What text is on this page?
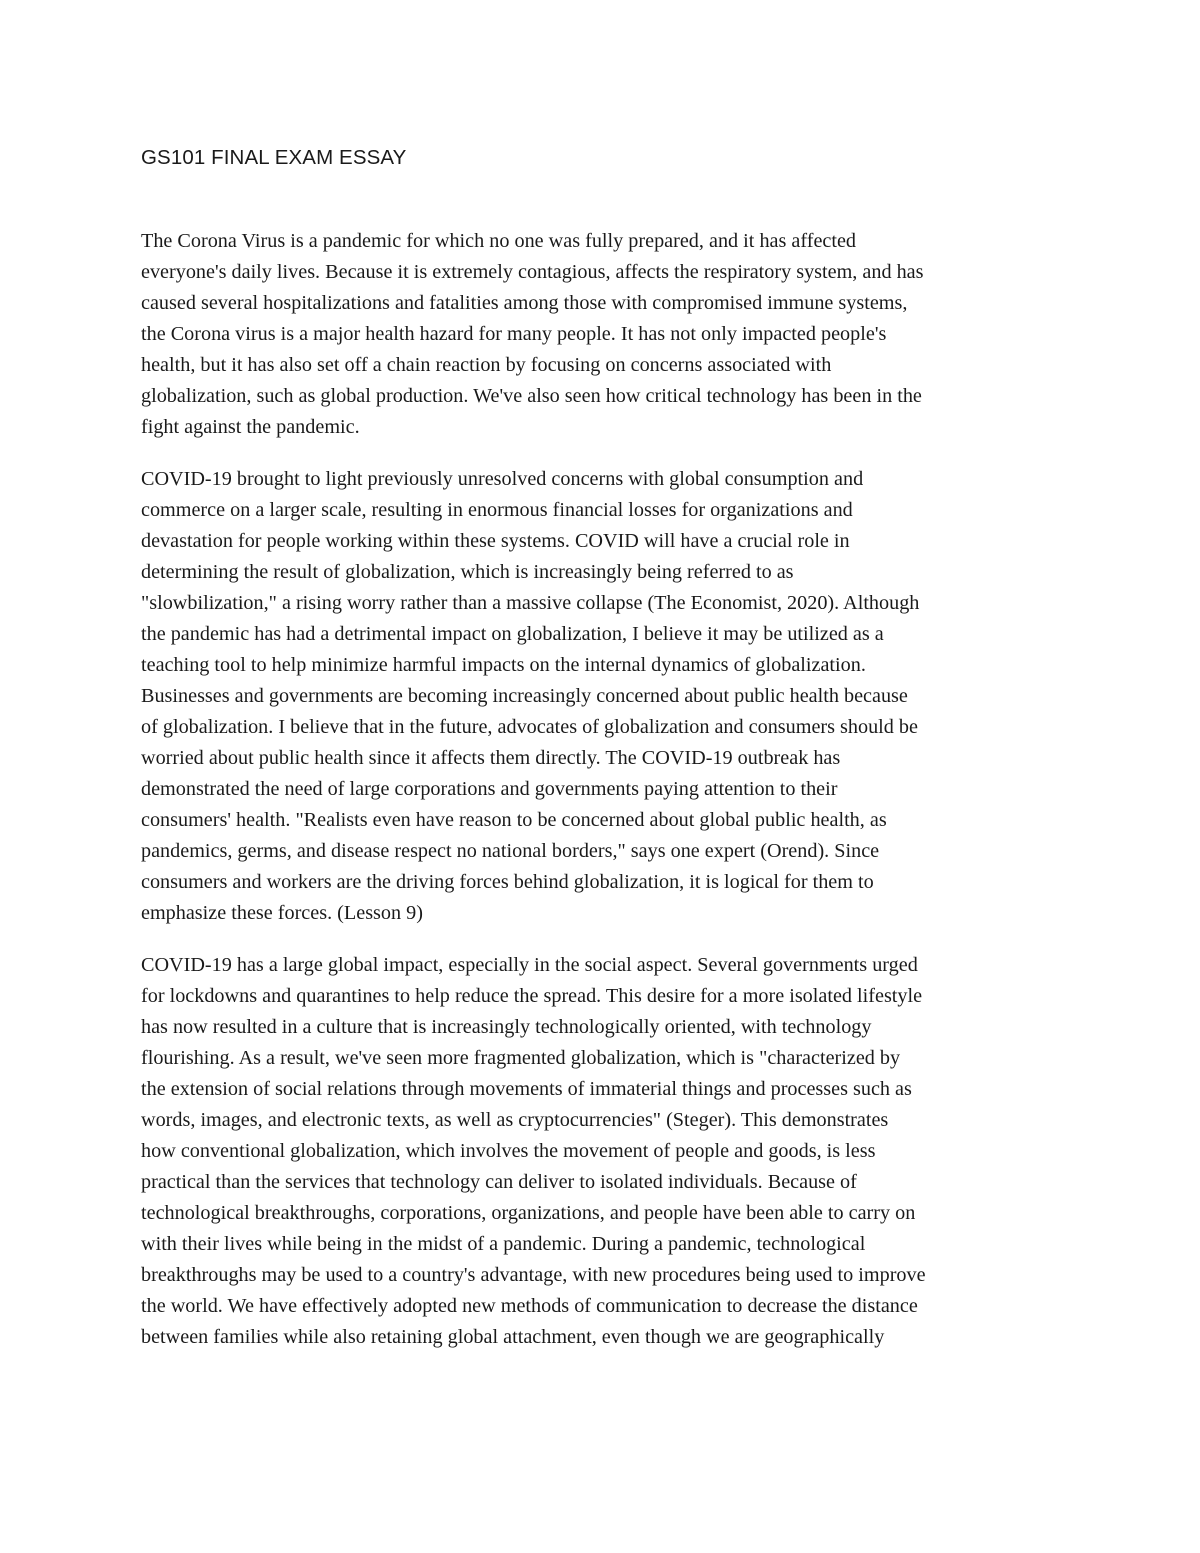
GS101 FINAL EXAM ESSAY

The Corona Virus is a pandemic for which no one was fully prepared, and it has affected
everyone's daily lives. Because it is extremely contagious, affects the respiratory system, and has
caused several hospitalizations and fatalities among those with compromised immune systems,
the Corona virus is a major health hazard for many people. It has not only impacted people's
health, but it has also set off a chain reaction by focusing on concerns associated with
globalization, such as global production. We've also seen how critical technology has been in the
fight against the pandemic.

COVID-19 brought to light previously unresolved concerns with global consumption and
commerce on a larger scale, resulting in enormous financial losses for organizations and
devastation for people working within these systems. COVID will have a crucial role in
determining the result of globalization, which is increasingly being referred to as
"slowbilization," a rising worry rather than a massive collapse (The Economist, 2020). Although
the pandemic has had a detrimental impact on globalization, I believe it may be utilized as a
teaching tool to help minimize harmful impacts on the internal dynamics of globalization.
Businesses and governments are becoming increasingly concerned about public health because
of globalization. I believe that in the future, advocates of globalization and consumers should be
worried about public health since it affects them directly. The COVID-19 outbreak has
demonstrated the need of large corporations and governments paying attention to their
consumers' health. "Realists even have reason to be concerned about global public health, as
pandemics, germs, and disease respect no national borders," says one expert (Orend). Since
consumers and workers are the driving forces behind globalization, it is logical for them to
emphasize these forces. (Lesson 9)

COVID-19 has a large global impact, especially in the social aspect. Several governments urged
for lockdowns and quarantines to help reduce the spread. This desire for a more isolated lifestyle
has now resulted in a culture that is increasingly technologically oriented, with technology
flourishing. As a result, we've seen more fragmented globalization, which is "characterized by
the extension of social relations through movements of immaterial things and processes such as
words, images, and electronic texts, as well as cryptocurrencies" (Steger). This demonstrates
how conventional globalization, which involves the movement of people and goods, is less
practical than the services that technology can deliver to isolated individuals. Because of
technological breakthroughs, corporations, organizations, and people have been able to carry on
with their lives while being in the midst of a pandemic. During a pandemic, technological
breakthroughs may be used to a country's advantage, with new procedures being used to improve
the world. We have effectively adopted new methods of communication to decrease the distance
between families while also retaining global attachment, even though we are geographically
